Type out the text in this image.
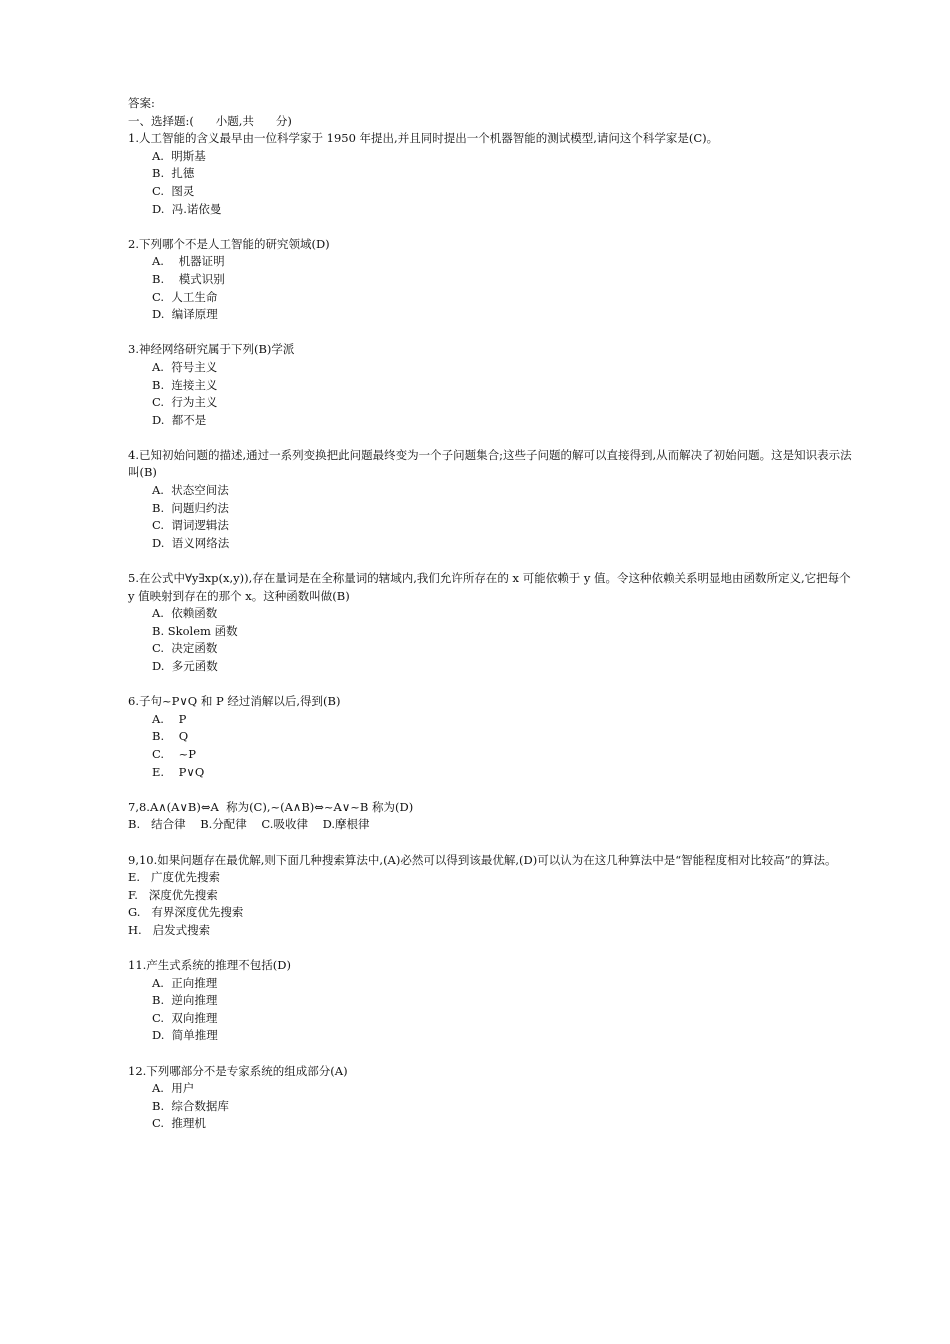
答案:
一、选择题:(      小题,共      分)
1.人工智能的含义最早由一位科学家于 1950 年提出,并且同时提出一个机器智能的测试模型,请问这个科学家是(C)。
A.  明斯基
B.  扎德
C.  图灵
D.  冯.诺依曼
2.下列哪个不是人工智能的研究领域(D)
A.    机器证明
B.    模式识别
C.  人工生命
D.  编译原理
3.神经网络研究属于下列(B)学派
A.  符号主义
B.  连接主义
C.  行为主义
D.  都不是
4.已知初始问题的描述,通过一系列变换把此问题最终变为一个子问题集合;这些子问题的解可以直接得到,从而解决了初始问题。这是知识表示法叫(B)
A.  状态空间法
B.  问题归约法
C.  谓词逻辑法
D.  语义网络法
5.在公式中∀y∃xp(x,y)),存在量词是在全称量词的辖域内,我们允许所存在的 x 可能依赖于 y 值。令这种依赖关系明显地由函数所定义,它把每个 y 值映射到存在的那个 x。这种函数叫做(B)
A.  依赖函数
B. Skolem 函数
C.  决定函数
D.  多元函数
6.子句~P∨Q 和 P 经过消解以后,得到(B)
A.    P
B.    Q
C.    ~P
E.    P∨Q
7,8.A∧(A∨B)⇔A  称为(C),~(A∧B)⇔~A∨~B 称为(D)
B.   结合律    B.分配律    C.吸收律    D.摩根律
9,10.如果问题存在最优解,则下面几种搜索算法中,(A)必然可以得到该最优解,(D)可以认为在这几种算法中是“智能程度相对比较高”的算法。
E.   广度优先搜索
F.   深度优先搜索
G.   有界深度优先搜索
H.   启发式搜索
11.产生式系统的推理不包括(D)
A.  正向推理
B.  逆向推理
C.  双向推理
D.  简单推理
12.下列哪部分不是专家系统的组成部分(A)
A.  用户
B.  综合数据库
C.  推理机
